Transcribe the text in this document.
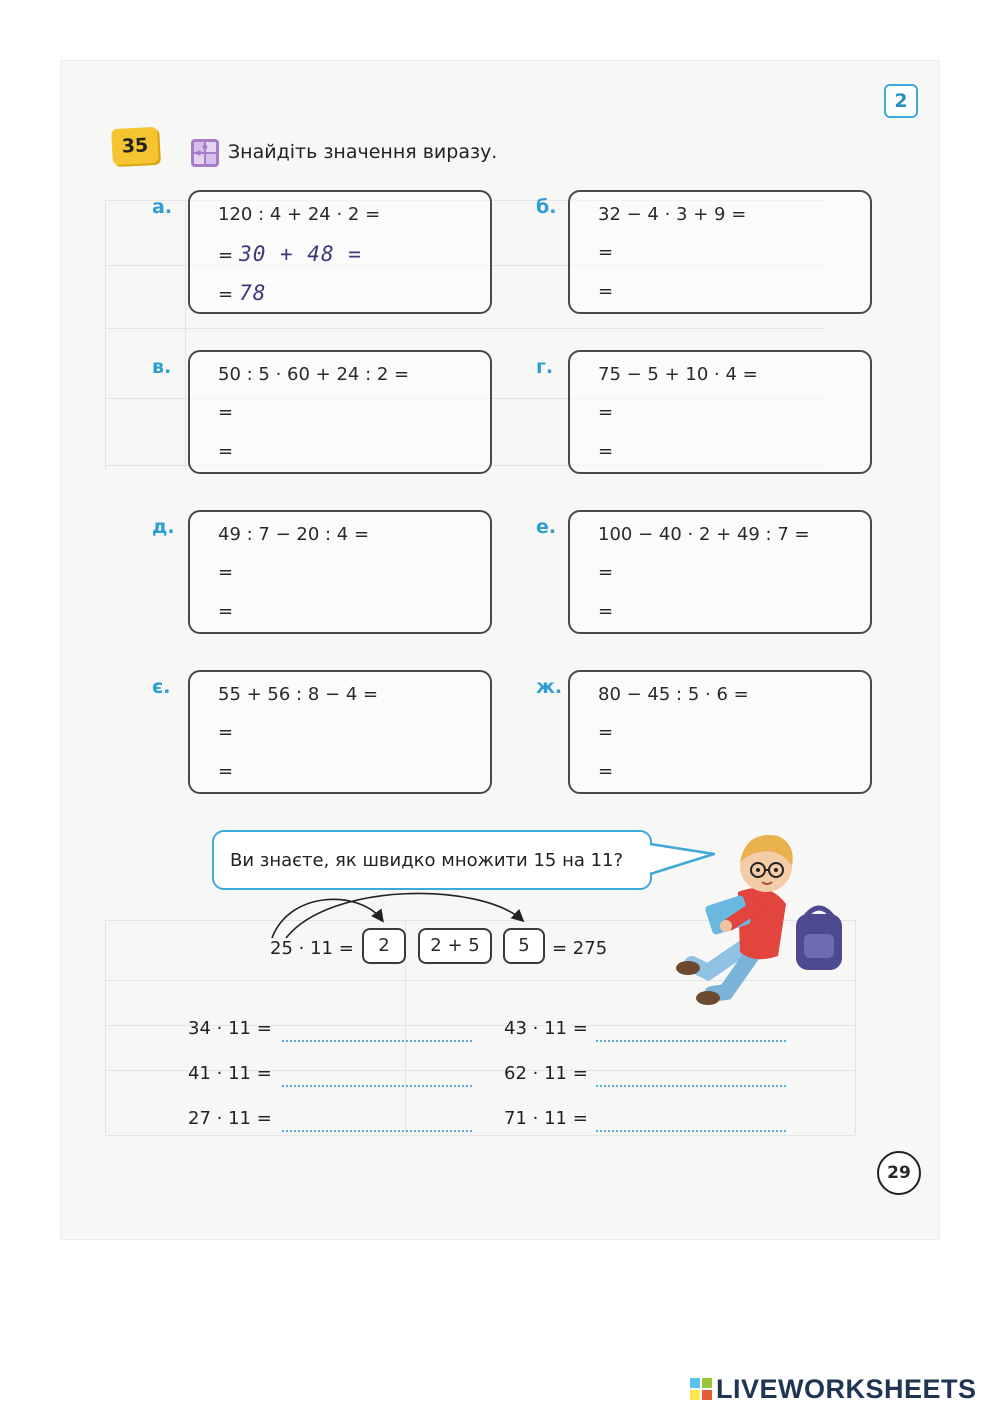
2
35	Знайдіть значення виразу.
а.	120 : 4 + 24 · 2 =
= 30 + 48 =
= 78
б. 32 − 4 · 3 + 9 =
=
=
в.	50 : 5 · 60 + 24 : 2 =
=
=
г. 75 − 5 + 10 · 4 =
=
=
д. 49 : 7 − 20 : 4 =
=
=
е. 100 − 40 · 2 + 49 : 7 =
=
=
є.	55 + 56 : 8 − 4 =
=
=
ж. 80 − 45 : 5 · 6 =
=
=
Ви знаєте, як швидко множити 15 на 11?
25 · 11 =	2	2 + 5	5	= 275
34 · 11 =	43 · 11 =
41 · 11 =	62 · 11 =
27 · 11 =	71 · 11 =
29
LIVEWORKSHEETS
